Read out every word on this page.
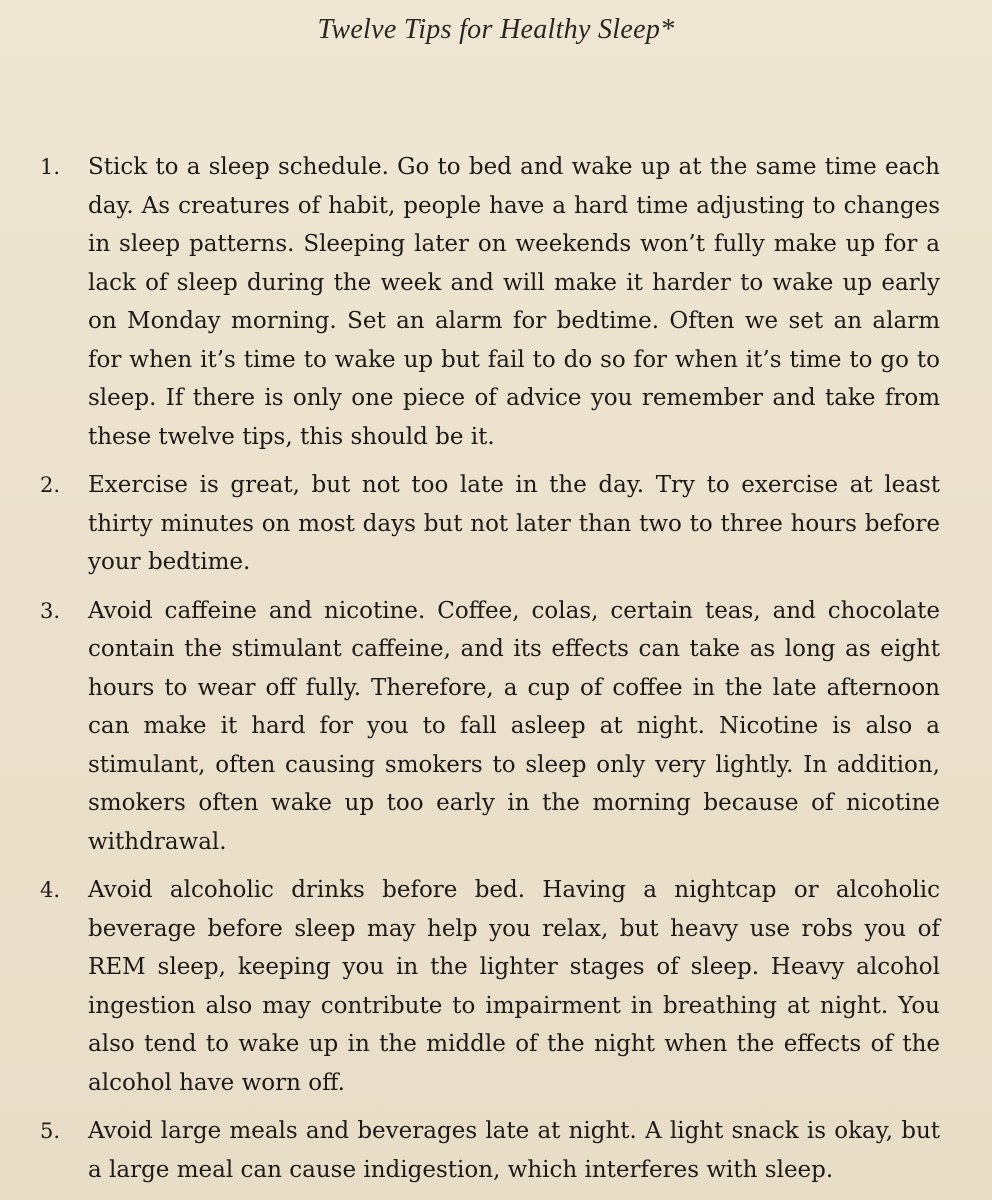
Twelve Tips for Healthy Sleep*
1.	Stick to a sleep schedule. Go to bed and wake up at the same time each day. As creatures of habit, people have a hard time adjusting to changes in sleep patterns. Sleeping later on weekends won’t fully make up for a lack of sleep during the week and will make it harder to wake up early on Monday morning. Set an alarm for bedtime. Often we set an alarm for when it’s time to wake up but fail to do so for when it’s time to go to sleep. If there is only one piece of advice you remember and take from these twelve tips, this should be it.
2.	Exercise is great, but not too late in the day. Try to exercise at least thirty minutes on most days but not later than two to three hours before your bedtime.
3.	Avoid caffeine and nicotine. Coffee, colas, certain teas, and chocolate contain the stimulant caffeine, and its effects can take as long as eight hours to wear off fully. Therefore, a cup of coffee in the late afternoon can make it hard for you to fall asleep at night. Nicotine is also a stimulant, often causing smokers to sleep only very lightly. In addition, smokers often wake up too early in the morning because of nicotine withdrawal.
4.	Avoid alcoholic drinks before bed. Having a nightcap or alcoholic beverage before sleep may help you relax, but heavy use robs you of REM sleep, keeping you in the lighter stages of sleep. Heavy alcohol ingestion also may contribute to impairment in breathing at night. You also tend to wake up in the middle of the night when the effects of the alcohol have worn off.
5.	Avoid large meals and beverages late at night. A light snack is okay, but a large meal can cause indigestion, which interferes with sleep.
